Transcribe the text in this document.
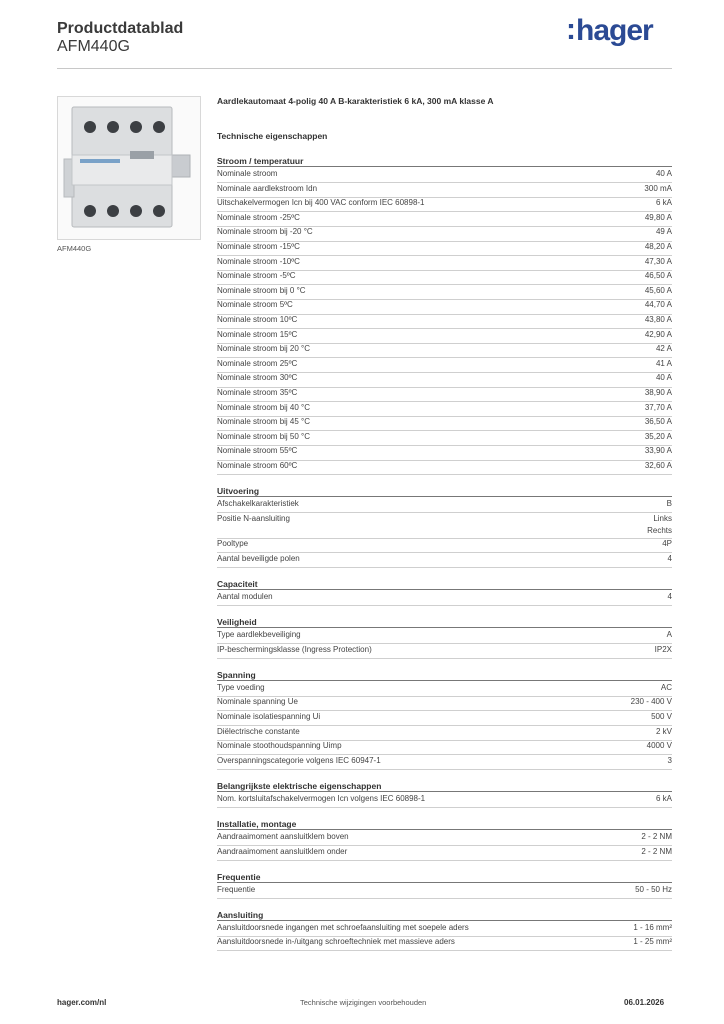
Productdatablad
AFM440G
:hager
AFM440G
Aardlekautomaat 4-polig 40 A B-karakteristiek 6 kA, 300 mA klasse A
Technische eigenschappen
Stroom / temperatuur
Nominale stroom	40 A
Nominale aardlekstroom Idn	300 mA
Uitschakelvermogen Icn bij 400 VAC conform IEC 60898-1	6 kA
Nominale stroom -25ºC	49,80 A
Nominale stroom bij -20 °C	49 A
Nominale stroom -15ºC	48,20 A
Nominale stroom -10ºC	47,30 A
Nominale stroom -5ºC	46,50 A
Nominale stroom bij 0 °C	45,60 A
Nominale stroom 5ºC	44,70 A
Nominale stroom 10ºC	43,80 A
Nominale stroom 15ºC	42,90 A
Nominale stroom bij 20 °C	42 A
Nominale stroom 25ºC	41 A
Nominale stroom 30ºC	40 A
Nominale stroom 35ºC	38,90 A
Nominale stroom bij 40 °C	37,70 A
Nominale stroom bij 45 °C	36,50 A
Nominale stroom bij 50 °C	35,20 A
Nominale stroom 55ºC	33,90 A
Nominale stroom 60ºC	32,60 A
Uitvoering
Afschakelkarakteristiek	B
Positie N-aansluiting	Links
Rechts
Pooltype	4P
Aantal beveiligde polen	4
Capaciteit
Aantal modulen	4
Veiligheid
Type aardlekbeveiliging	A
IP-beschermingsklasse (Ingress Protection)	IP2X
Spanning
Type voeding	AC
Nominale spanning Ue	230 - 400 V
Nominale isolatiespanning Ui	500 V
Diëlectrische constante	2 kV
Nominale stoothoudspanning Uimp	4000 V
Overspanningscategorie volgens IEC 60947-1	3
Belangrijkste elektrische eigenschappen
Nom. kortsluitafschakelvermogen Icn volgens IEC 60898-1	6 kA
Installatie, montage
Aandraaimoment aansluitklem boven	2 - 2 NM
Aandraaimoment aansluitklem onder	2 - 2 NM
Frequentie
Frequentie	50 - 50 Hz
Aansluiting
Aansluitdoorsnede ingangen met schroefaansluiting met soepele aders	1 - 16 mm²
Aansluitdoorsnede in-/uitgang schroeftechniek met massieve aders	1 - 25 mm²
hager.com/nl	Technische wijzigingen voorbehouden	06.01.2026
